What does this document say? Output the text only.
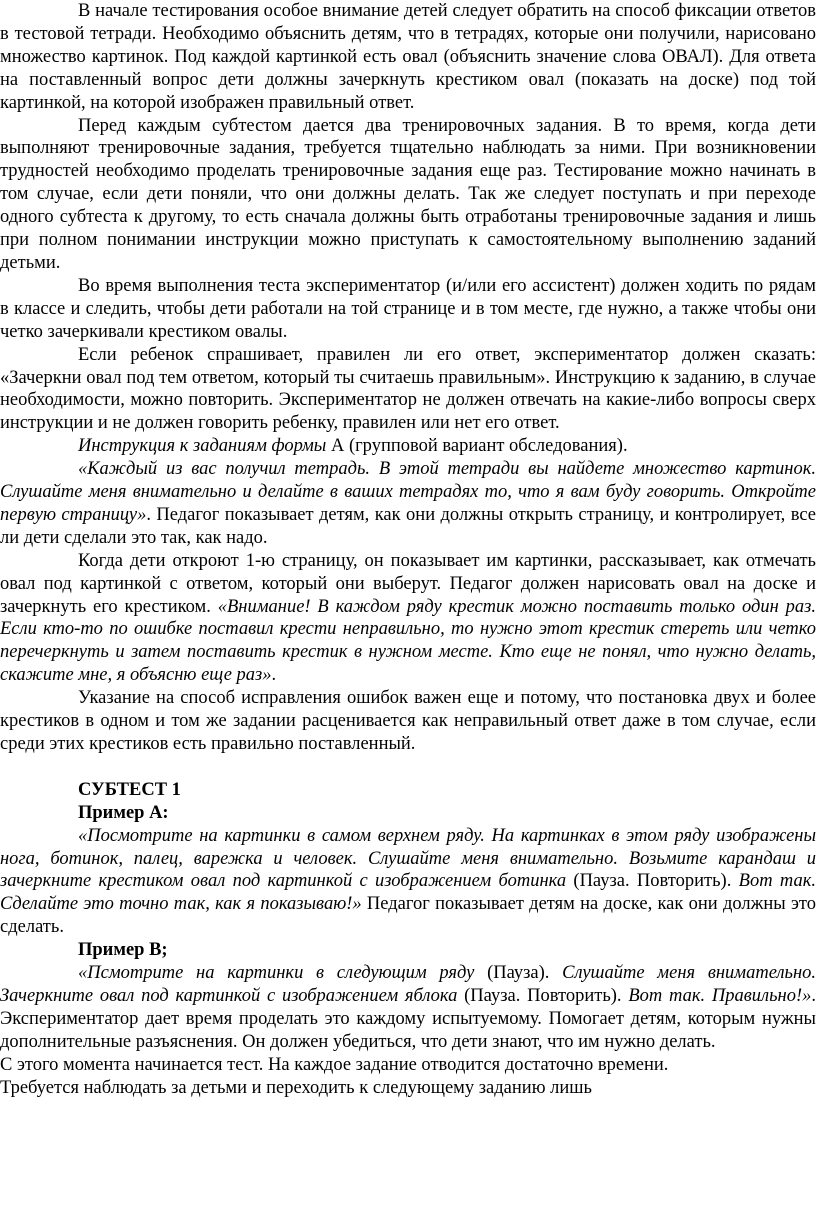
В начале тестирования особое внимание детей следует обратить на способ фиксации ответов в тестовой тетради. Необходимо объяснить детям, что в тетрадях, которые они получили, нарисовано множество картинок. Под каждой картинкой есть овал (объяснить значение слова ОВАЛ). Для ответа на поставленный вопрос дети должны зачеркнуть крестиком овал (показать на доске) под той картинкой, на которой изображен правильный ответ.

Перед каждым субтестом дается два тренировочных задания. В то время, когда дети выполняют тренировочные задания, требуется тщательно наблюдать за ними. При возникновении трудностей необходимо проделать тренировочные задания еще раз. Тестирование можно начинать в том случае, если дети поняли, что они должны делать. Так же следует поступать и при переходе одного субтеста к другому, то есть сначала должны быть отработаны тренировочные задания и лишь при полном понимании инструкции можно приступать к самостоятельному выполнению заданий детьми.

Во время выполнения теста экспериментатор (и/или его ассистент) должен ходить по рядам в классе и следить, чтобы дети работали на той странице и в том месте, где нужно, а также чтобы они четко зачеркивали крестиком овалы.

Если ребенок спрашивает, правилен ли его ответ, экспериментатор должен сказать: «Зачеркни овал под тем ответом, который ты считаешь правильным». Инструкцию к заданию, в случае необходимости, можно повторить. Экспериментатор не должен отвечать на какие-либо вопросы сверх инструкции и не должен говорить ребенку, правилен или нет его ответ.

Инструкция к заданиям формы А (групповой вариант обследования).

«Каждый из вас получил тетрадь. В этой тетради вы найдете множество картинок. Слушайте меня внимательно и делайте в ваших тетрадях то, что я вам буду говорить. Откройте первую страницу». Педагог показывает детям, как они должны открыть страницу, и контролирует, все ли дети сделали это так, как надо.

Когда дети откроют 1-ю страницу, он показывает им картинки, рассказывает, как отмечать овал под картинкой с ответом, который они выберут. Педагог должен нарисовать овал на доске и зачеркнуть его крестиком. «Внимание! В каждом ряду крестик можно поставить только один раз. Если кто-то по ошибке поставил крести неправильно, то нужно этот крестик стереть или четко перечеркнуть и затем поставить крестик в нужном месте. Кто еще не понял, что нужно делать, скажите мне, я объясню еще раз».

Указание на способ исправления ошибок важен еще и потому, что постановка двух и более крестиков в одном и том же задании расценивается как неправильный ответ даже в том случае, если среди этих крестиков есть правильно поставленный.

СУБТЕСТ 1

Пример А:

«Посмотрите на картинки в самом верхнем ряду. На картинках в этом ряду изображены нога, ботинок, палец, варежка и человек. Слушайте меня внимательно. Возьмите карандаш и зачеркните крестиком овал под картинкой с изображением ботинка (Пауза. Повторить). Вот так. Сделайте это точно так, как я показываю!» Педагог показывает детям на доске, как они должны это сделать.

Пример В;

«Псмотрите на картинки в следующим ряду (Пауза). Слушайте меня внимательно. Зачеркните овал под картинкой с изображением яблока (Пауза. Повторить). Вот так. Правильно!». Экспериментатор дает время проделать это каждому испытуемому. Помогает детям, которым нужны дополнительные разъяснения. Он должен убедиться, что дети знают, что им нужно делать.

С этого момента начинается тест. На каждое задание отводится достаточно времени.

Требуется наблюдать за детьми и переходить к следующему заданию лишь
